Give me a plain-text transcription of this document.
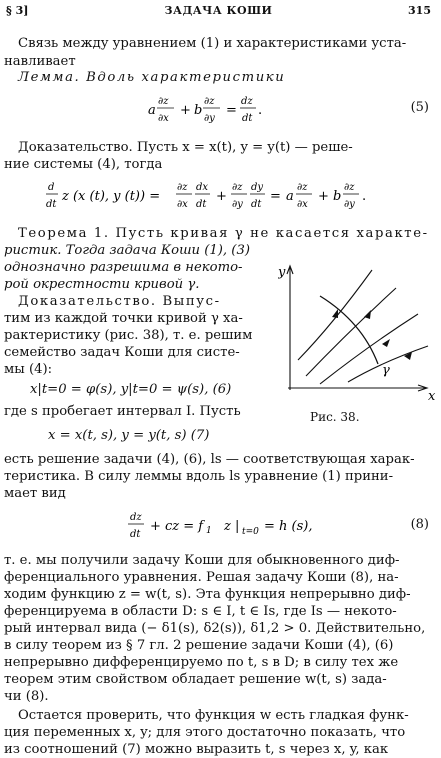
§ 3]	ЗАДАЧА КОШИ	315
Связь между уравнением (1) и характеристиками уста-
навливает
Лемма. Вдоль характеристики
a
∂z
∂x
+ b
∂z
∂y
=
dz
dt
.	(5)
Доказательство. Пусть x = x(t), y = y(t) — реше-
ние системы (4), тогда
d
dt
z (x (t), y (t)) =
∂z
∂x
dx
dt
+
∂z
∂y
dy
dt
= a
∂z
∂x
+ b
∂z
∂y
.
Теорема 1. Пусть кривая γ не касается характе-
ристик. Тогда задача Коши (1), (3)
однозначно разрешима в некото-
рой окрестности кривой γ.
Доказательство. Выпус-
тим из каждой точки кривой γ ха-
рактеристику (рис. 38), т. е. решим
семейство задач Коши для систе-
мы (4):
x|t=0 = φ(s), y|t=0 = ψ(s), (6)
где s пробегает интервал I. Пусть
x = x(t, s), y = y(t, s) (7)
y
x
γ
Рис. 38.
есть решение задачи (4), (6), ls — соответствующая харак-
теристика. В силу леммы вдоль ls уравнение (1) прини-
мает вид
dz
dt
+ cz = f 1 z | t=0 = h (s),	(8)
т. е. мы получили задачу Коши для обыкновенного диф-
ференциального уравнения. Решая задачу Коши (8), на-
ходим функцию z = w(t, s). Эта функция непрерывно диф-
ференцируема в области D: s ∈ I, t ∈ Is, где Is — некото-
рый интервал вида (− δ1(s), δ2(s)), δ1,2 > 0. Действительно,
в силу теорем из § 7 гл. 2 решение задачи Коши (4), (6)
непрерывно дифференцируемо по t, s в D; в силу тех же
теорем этим свойством обладает решение w(t, s) зада-
чи (8).
Остается проверить, что функция w есть гладкая функ-
ция переменных x, y; для этого достаточно показать, что
из соотношений (7) можно выразить t, s через x, y, как
